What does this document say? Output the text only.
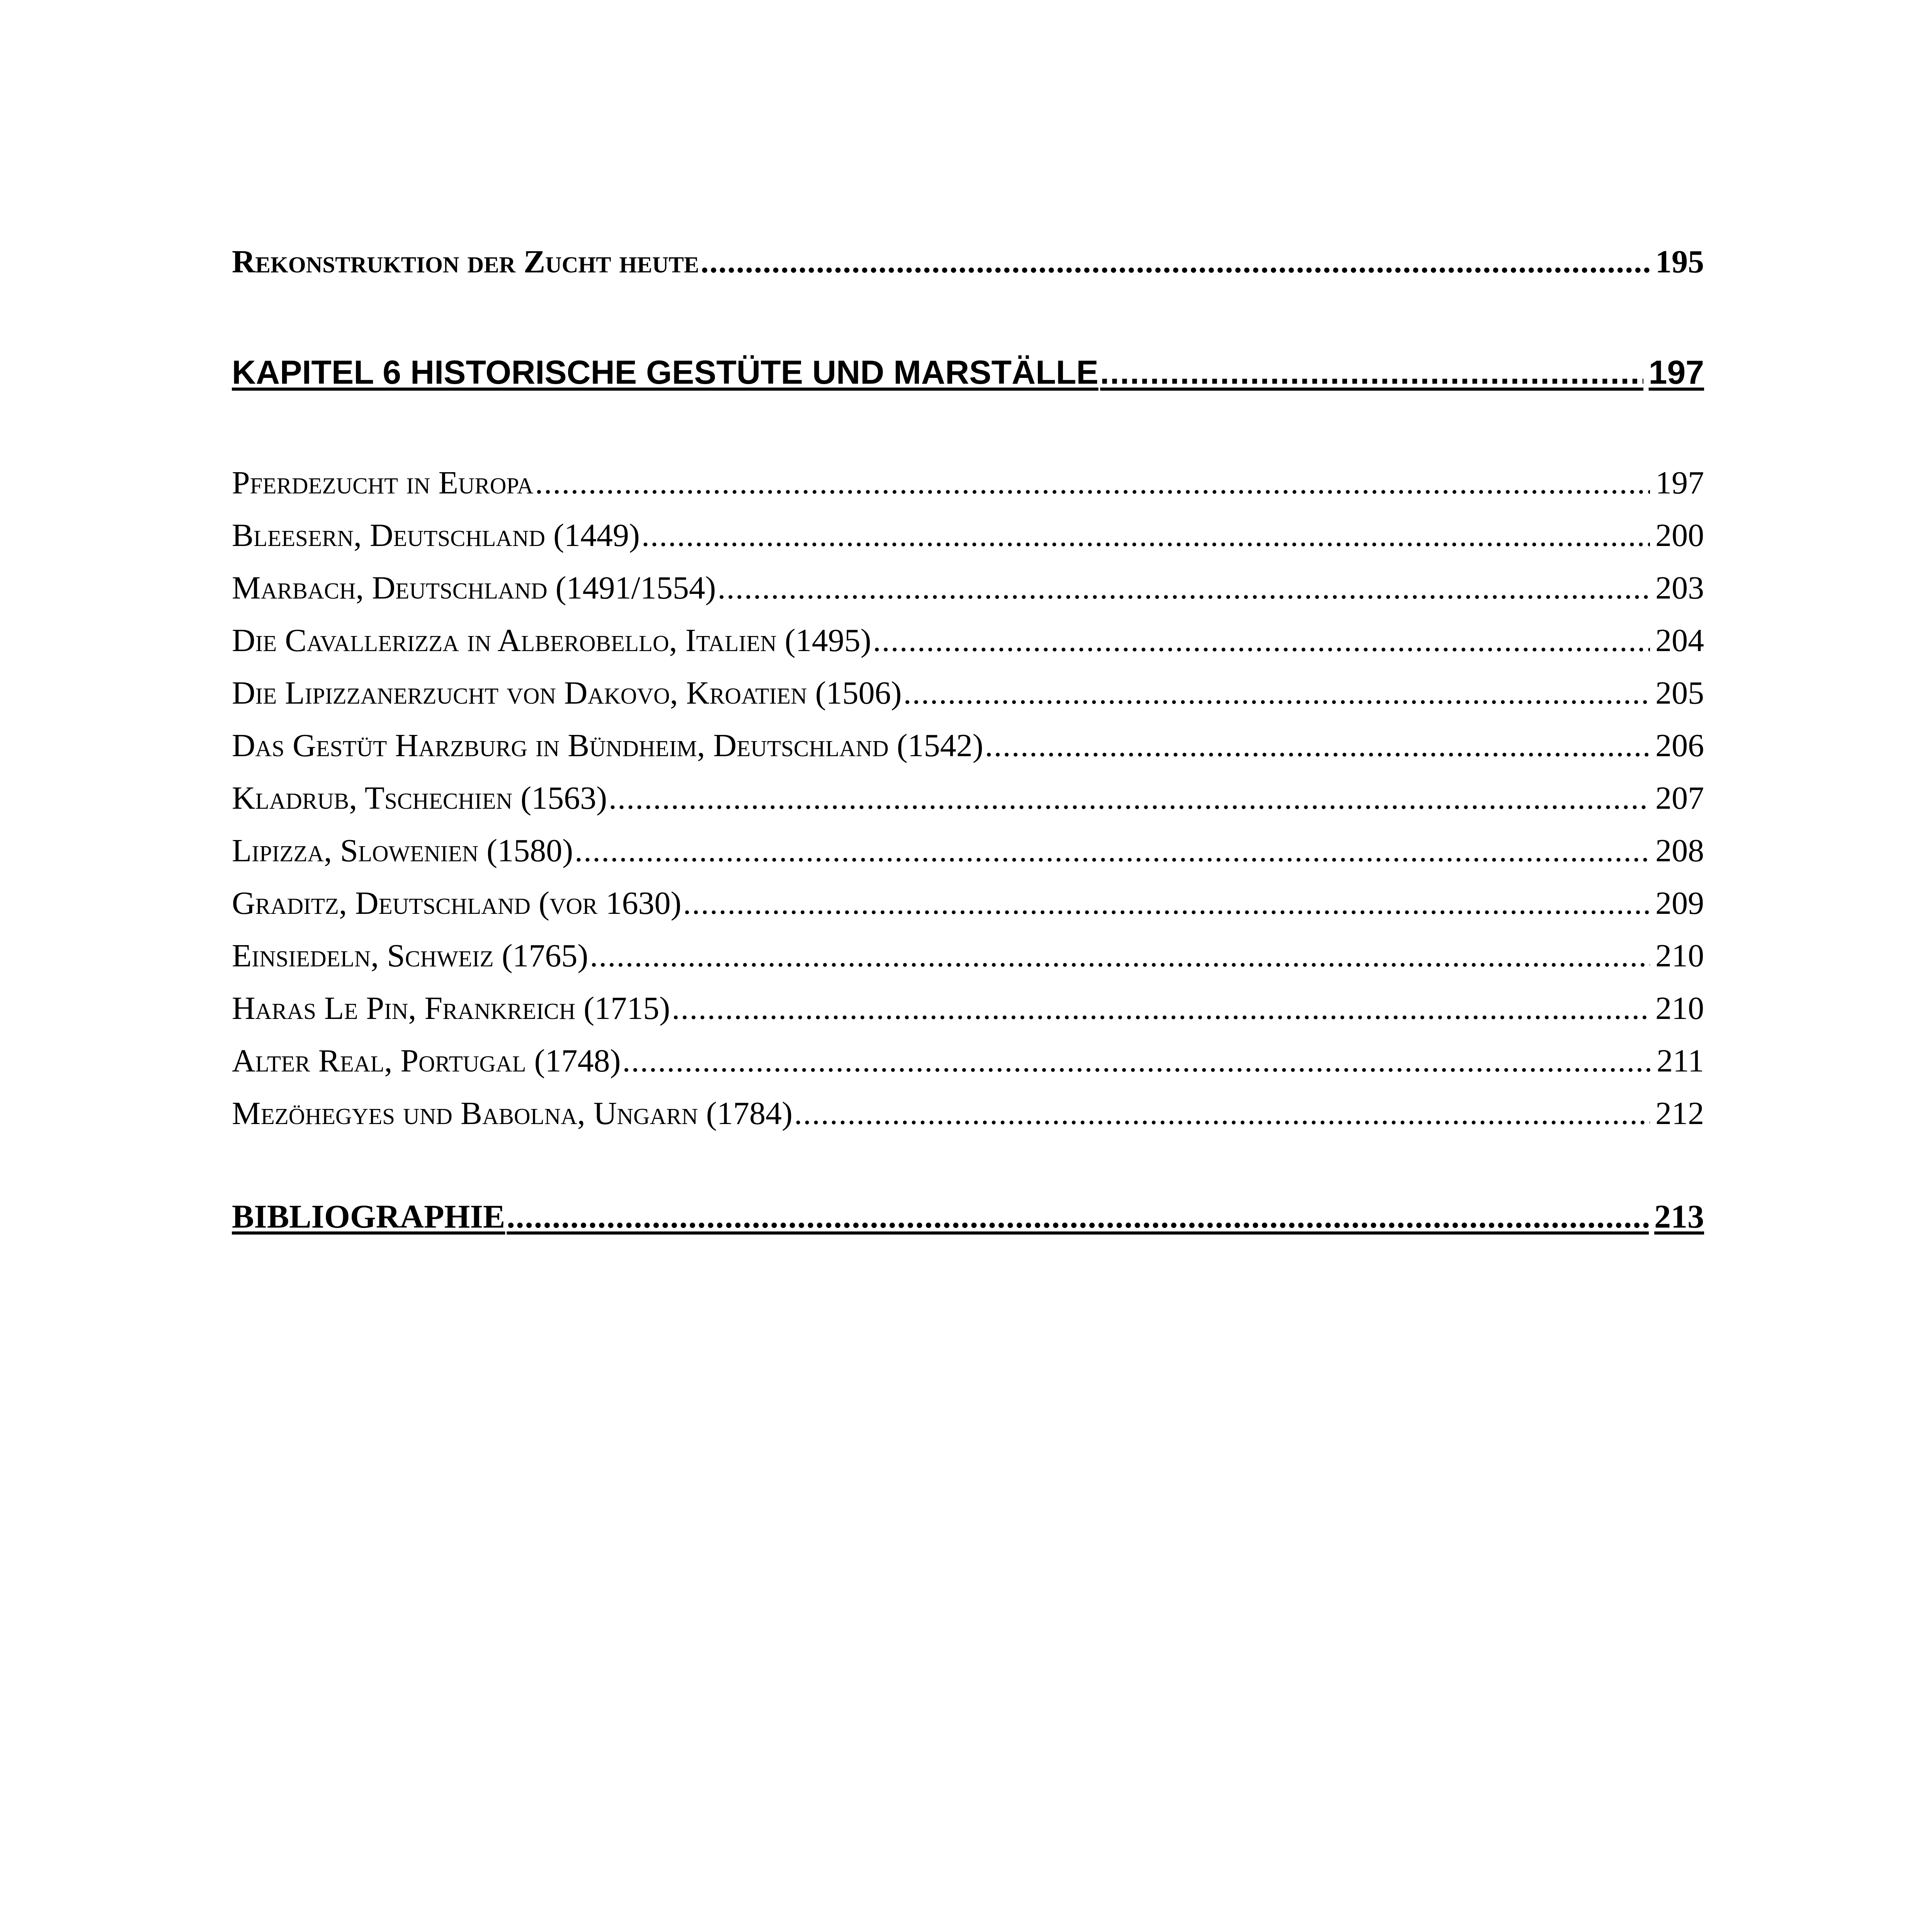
Rekonstruktion der Zucht heute .....	195
KAPITEL 6 HISTORISCHE GESTÜTE UND MARSTÄLLE .....	197
Pferdezucht in Europa .....	197
Bleesern, Deutschland (1449) .....	200
Marbach, Deutschland (1491/1554) .....	203
Die Cavallerizza in Alberobello, Italien (1495) .....	204
Die Lipizzanerzucht von Dakovo, Kroatien (1506) .....	205
Das Gestüt Harzburg in Bündheim, Deutschland (1542) .....	206
Kladrub, Tschechien (1563) .....	207
Lipizza, Slowenien (1580) .....	208
Graditz, Deutschland (vor 1630) .....	209
Einsiedeln, Schweiz (1765) .....	210
Haras Le Pin, Frankreich (1715) .....	210
Alter Real, Portugal (1748) .....	211
Mezöhegyes und Babolna, Ungarn (1784) .....	212
BIBLIOGRAPHIE .....	213
